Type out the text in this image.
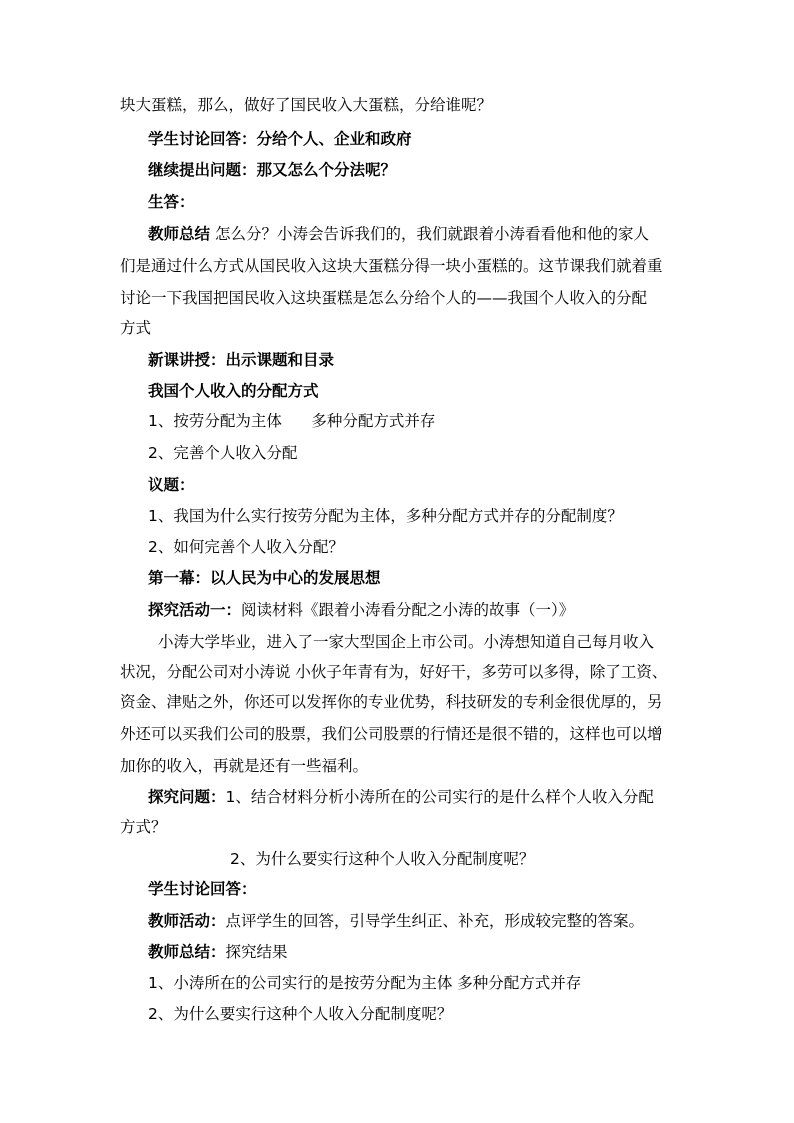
块大蛋糕，那么，做好了国民收入大蛋糕，分给谁呢？
学生讨论回答：分给个人、企业和政府
继续提出问题：那又怎么个分法呢？
生答：
教师总结 怎么分？小涛会告诉我们的，我们就跟着小涛看看他和他的家人
们是通过什么方式从国民收入这块大蛋糕分得一块小蛋糕的。这节课我们就着重
讨论一下我国把国民收入这块蛋糕是怎么分给个人的——我国个人收入的分配
方式
新课讲授：出示课题和目录
我国个人收入的分配方式
1、按劳分配为主体      多种分配方式并存
2、完善个人收入分配
议题：
1、我国为什么实行按劳分配为主体，多种分配方式并存的分配制度？
2、如何完善个人收入分配？
第一幕：以人民为中心的发展思想
探究活动一：阅读材料《跟着小涛看分配之小涛的故事（一）》
小涛大学毕业，进入了一家大型国企上市公司。小涛想知道自己每月收入
状况，分配公司对小涛说 小伙子年青有为，好好干，多劳可以多得，除了工资、
资金、津贴之外，你还可以发挥你的专业优势，科技研发的专利金很优厚的，另
外还可以买我们公司的股票，我们公司股票的行情还是很不错的，这样也可以增
加你的收入，再就是还有一些福利。
探究问题：1、结合材料分析小涛所在的公司实行的是什么样个人收入分配
方式？
2、为什么要实行这种个人收入分配制度呢？
学生讨论回答：
教师活动：点评学生的回答，引导学生纠正、补充，形成较完整的答案。
教师总结：探究结果
1、小涛所在的公司实行的是按劳分配为主体 多种分配方式并存
2、为什么要实行这种个人收入分配制度呢？
